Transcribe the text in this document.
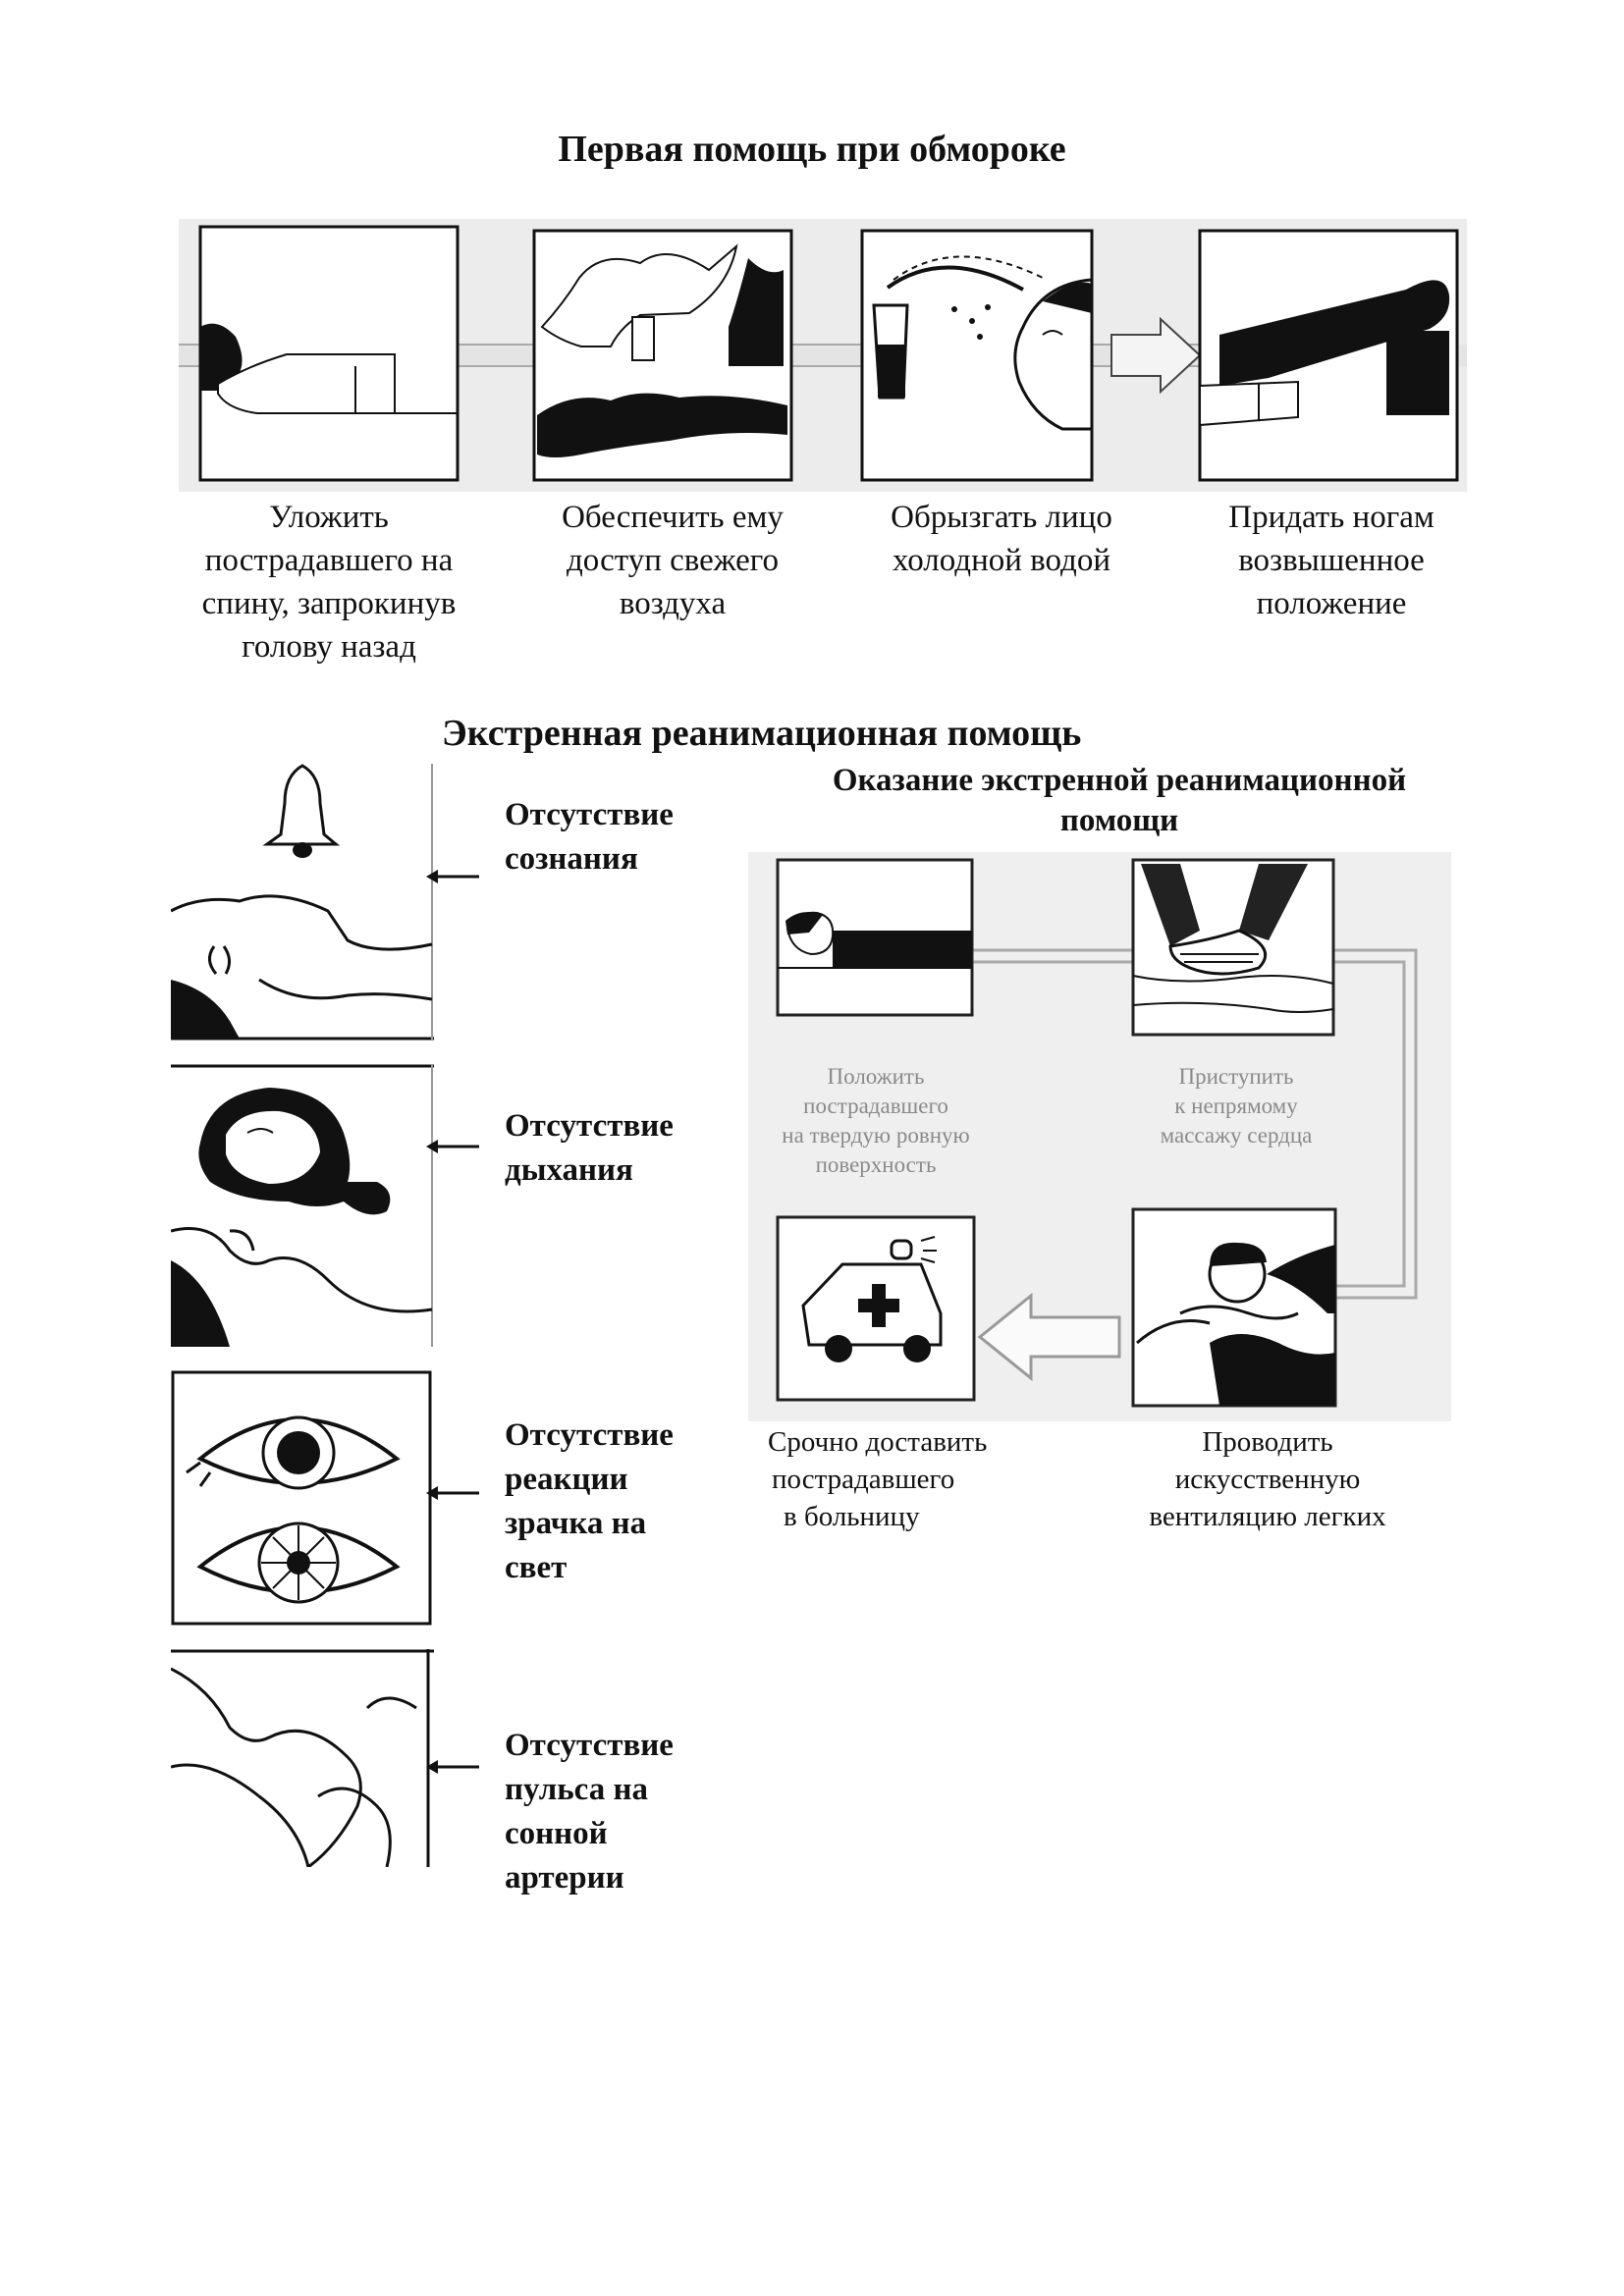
Первая помощь при обмороке
Уложить
пострадавшего на
спину, запрокинув
голову назад
Обеспечить ему
доступ свежего
воздуха
Обрызгать лицо
холодной водой
Придать ногам
возвышенное
положение
Экстренная реанимационная помощь
Отсутствие
сознания
Отсутствие
дыхания
Отсутствие
реакции
зрачка на
свет
Отсутствие
пульса на
сонной
артерии
Оказание экстренной реанимационной
помощи
Положить
пострадавшего
на твердую ровную
поверхность
Приступить
к непрямому
массажу сердца
Срочно доставить
пострадавшего
в больницу
Проводить
искусственную
вентиляцию легких
